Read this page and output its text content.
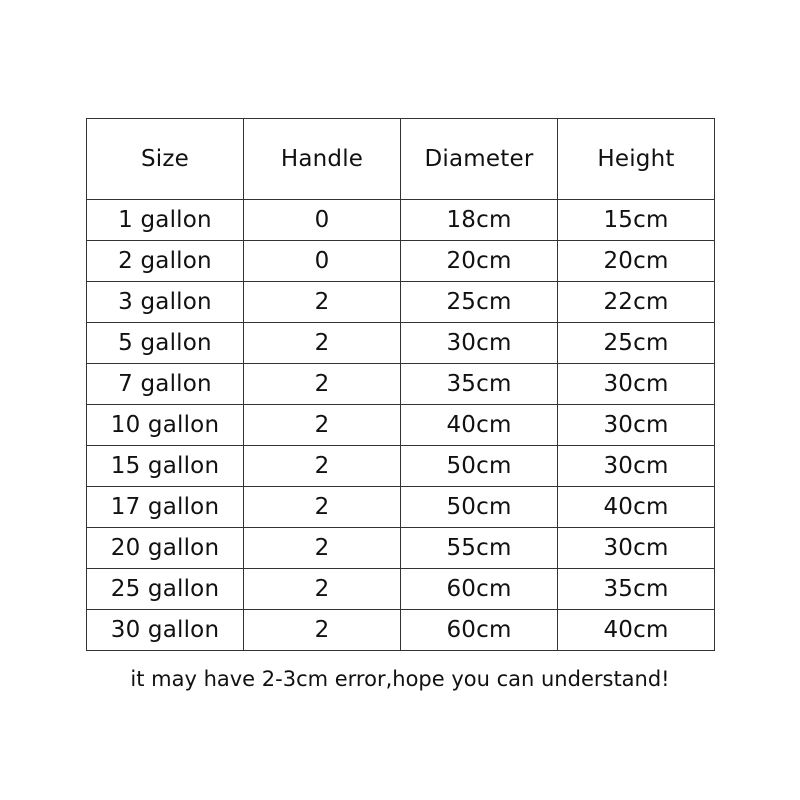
Size	Handle	Diameter	Height
1 gallon	0	18cm	15cm
2 gallon	0	20cm	20cm
3 gallon	2	25cm	22cm
5 gallon	2	30cm	25cm
7 gallon	2	35cm	30cm
10 gallon	2	40cm	30cm
15 gallon	2	50cm	30cm
17 gallon	2	50cm	40cm
20 gallon	2	55cm	30cm
25 gallon	2	60cm	35cm
30 gallon	2	60cm	40cm
it may have 2-3cm error,hope you can understand!
